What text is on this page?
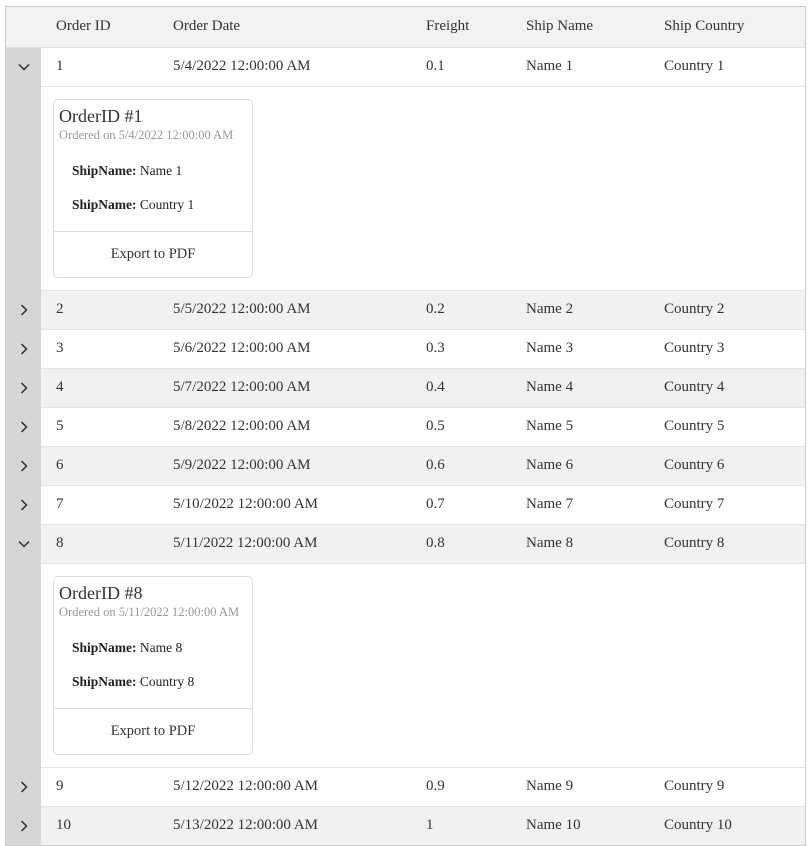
	Order ID	Order Date	Freight	Ship Name	Ship Country
	1	5/4/2022 12:00:00 AM	0.1	Name 1	Country 1

	OrderID #1
Ordered on 5/4/2022 12:00:00 AM

ShipName: Name 1

ShipName: Country 1

Export to PDF				

	2	5/5/2022 12:00:00 AM	0.2	Name 2	Country 2
	3	5/6/2022 12:00:00 AM	0.3	Name 3	Country 3
	4	5/7/2022 12:00:00 AM	0.4	Name 4	Country 4
	5	5/8/2022 12:00:00 AM	0.5	Name 5	Country 5
	6	5/9/2022 12:00:00 AM	0.6	Name 6	Country 6
	7	5/10/2022 12:00:00 AM	0.7	Name 7	Country 7
	8	5/11/2022 12:00:00 AM	0.8	Name 8	Country 8

	OrderID #8
Ordered on 5/11/2022 12:00:00 AM

ShipName: Name 8

ShipName: Country 8

Export to PDF				

	9	5/12/2022 12:00:00 AM	0.9	Name 9	Country 9
	10	5/13/2022 12:00:00 AM	1	Name 10	Country 10
